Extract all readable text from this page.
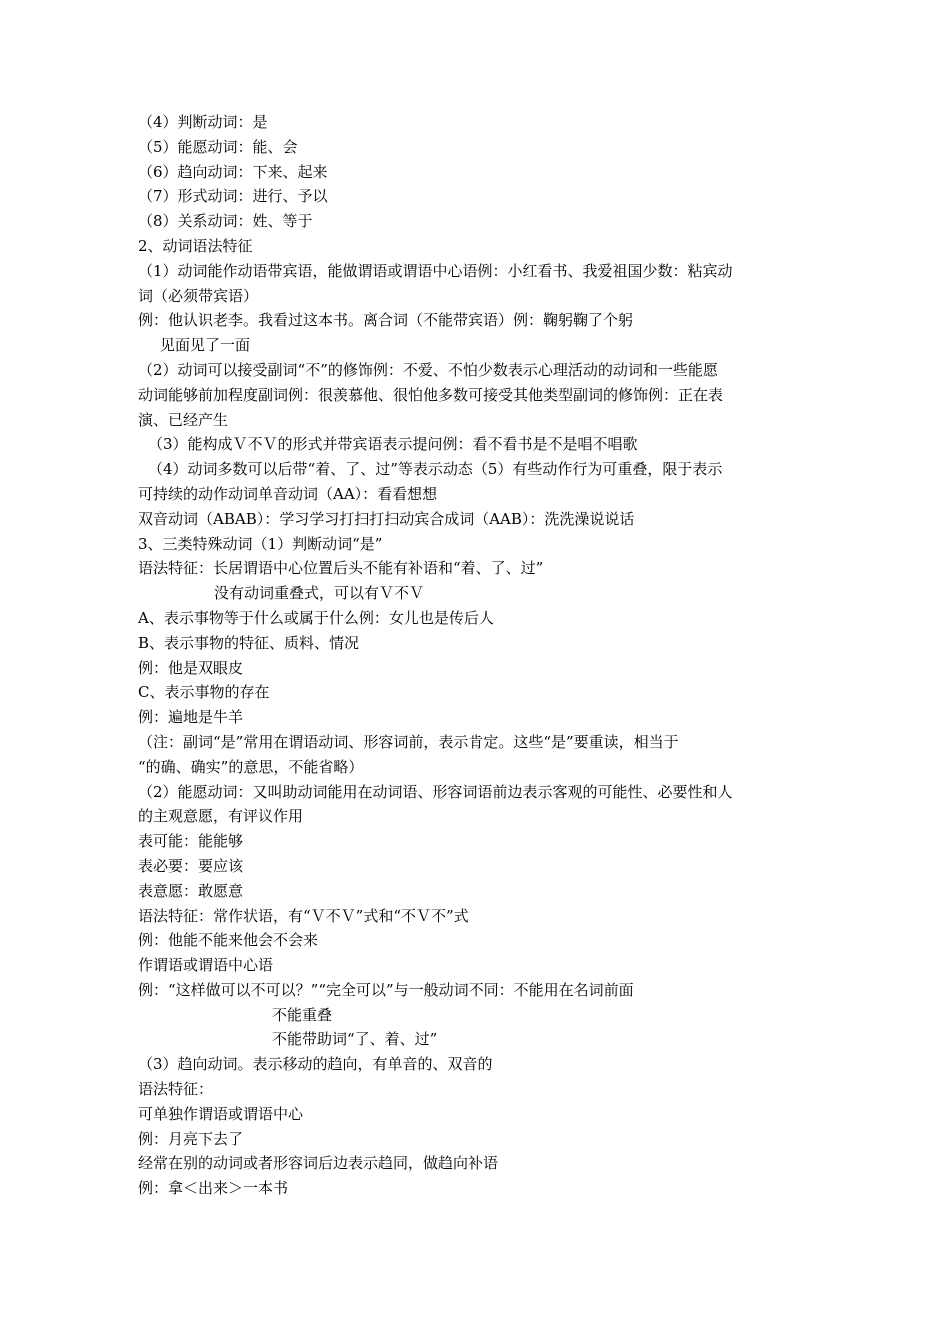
（4）判断动词：是
（5）能愿动词：能、会
（6）趋向动词：下来、起来
（7）形式动词：进行、予以
（8）关系动词：姓、等于
2、动词语法特征
（1）动词能作动语带宾语，能做谓语或谓语中心语例：小红看书、我爱祖国少数：粘宾动
词（必须带宾语）
例：他认识老李。我看过这本书。离合词（不能带宾语）例：鞠躬鞠了个躬
见面见了一面
（2）动词可以接受副词“不”的修饰例：不爱、不怕少数表示心理活动的动词和一些能愿
动词能够前加程度副词例：很羡慕他、很怕他多数可接受其他类型副词的修饰例：正在表
演、已经产生
（3）能构成Ｖ不Ｖ的形式并带宾语表示提问例：看不看书是不是唱不唱歌
（4）动词多数可以后带“着、了、过”等表示动态（5）有些动作行为可重叠，限于表示
可持续的动作动词单音动词（AA）：看看想想
双音动词（ABAB）：学习学习打扫打扫动宾合成词（AAB）：洗洗澡说说话
3、三类特殊动词（1）判断动词“是”
语法特征：长居谓语中心位置后头不能有补语和“着、了、过”
没有动词重叠式，可以有Ｖ不Ｖ
A、表示事物等于什么或属于什么例：女儿也是传后人
B、表示事物的特征、质料、情况
例：他是双眼皮
C、表示事物的存在
例：遍地是牛羊
（注：副词“是”常用在谓语动词、形容词前，表示肯定。这些“是”要重读，相当于
“的确、确实”的意思，不能省略）
（2）能愿动词：又叫助动词能用在动词语、形容词语前边表示客观的可能性、必要性和人
的主观意愿，有评议作用
表可能：能能够
表必要：要应该
表意愿：敢愿意
语法特征：常作状语，有“Ｖ不Ｖ”式和“不Ｖ不”式
例：他能不能来他会不会来
作谓语或谓语中心语
例：“这样做可以不可以？”“完全可以”与一般动词不同：不能用在名词前面
不能重叠
不能带助词“了、着、过”
（3）趋向动词。表示移动的趋向，有单音的、双音的
语法特征：
可单独作谓语或谓语中心
例：月亮下去了
经常在别的动词或者形容词后边表示趋同，做趋向补语
例：拿＜出来＞一本书
